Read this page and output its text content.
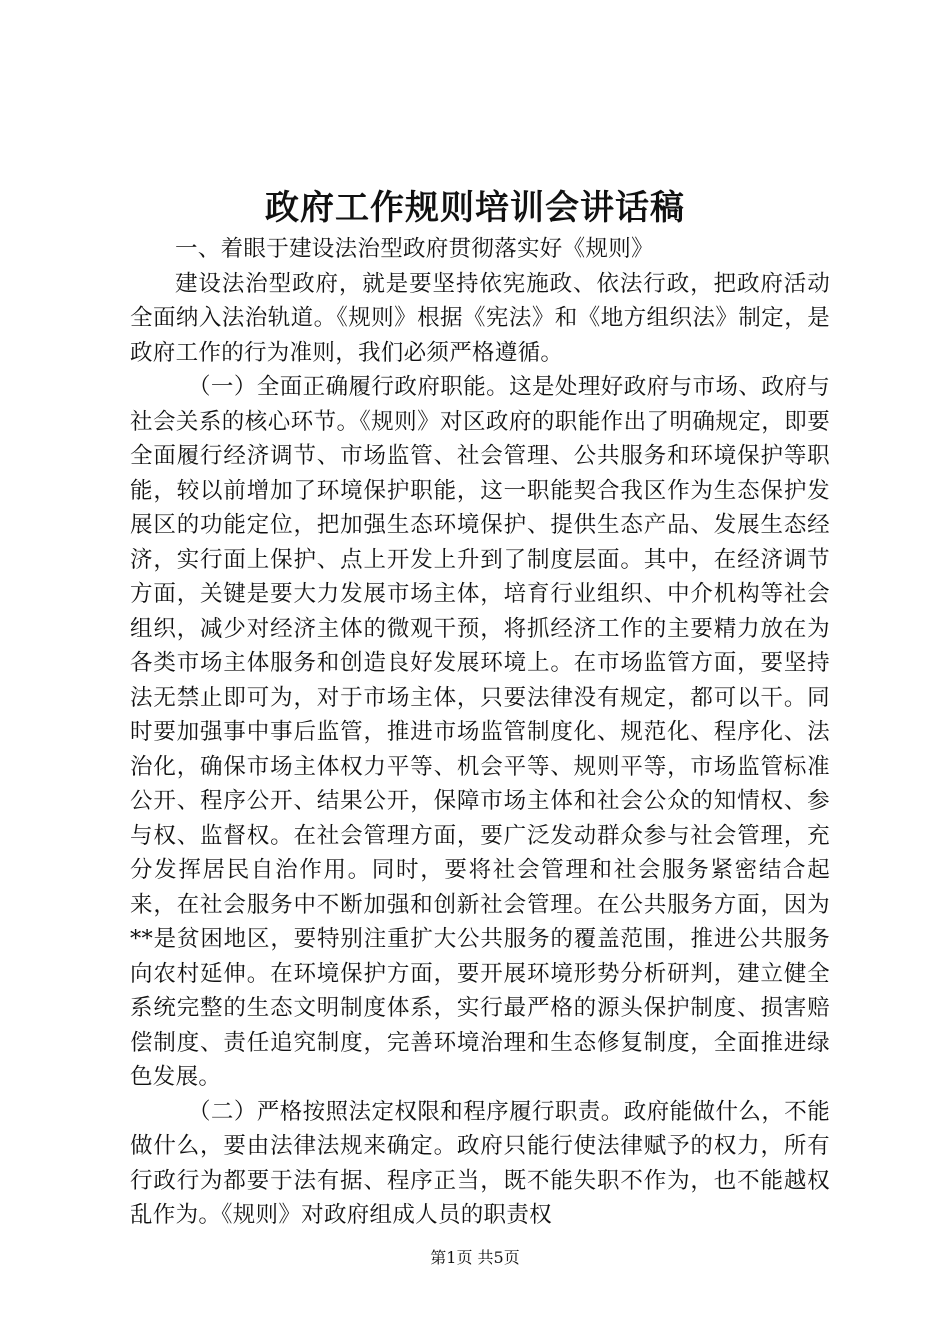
政府工作规则培训会讲话稿

一、着眼于建设法治型政府贯彻落实好《规则》

建设法治型政府，就是要坚持依宪施政、依法行政，把政府活动全面纳入法治轨道。《规则》根据《宪法》和《地方组织法》制定，是政府工作的行为准则，我们必须严格遵循。

（一）全面正确履行政府职能。这是处理好政府与市场、政府与社会关系的核心环节。《规则》对区政府的职能作出了明确规定，即要全面履行经济调节、市场监管、社会管理、公共服务和环境保护等职能，较以前增加了环境保护职能，这一职能契合我区作为生态保护发展区的功能定位，把加强生态环境保护、提供生态产品、发展生态经济，实行面上保护、点上开发上升到了制度层面。其中，在经济调节方面，关键是要大力发展市场主体，培育行业组织、中介机构等社会组织，减少对经济主体的微观干预，将抓经济工作的主要精力放在为各类市场主体服务和创造良好发展环境上。在市场监管方面，要坚持法无禁止即可为，对于市场主体，只要法律没有规定，都可以干。同时要加强事中事后监管，推进市场监管制度化、规范化、程序化、法治化，确保市场主体权力平等、机会平等、规则平等，市场监管标准公开、程序公开、结果公开，保障市场主体和社会公众的知情权、参与权、监督权。在社会管理方面，要广泛发动群众参与社会管理，充分发挥居民自治作用。同时，要将社会管理和社会服务紧密结合起来，在社会服务中不断加强和创新社会管理。在公共服务方面，因为**是贫困地区，要特别注重扩大公共服务的覆盖范围，推进公共服务向农村延伸。在环境保护方面，要开展环境形势分析研判，建立健全系统完整的生态文明制度体系，实行最严格的源头保护制度、损害赔偿制度、责任追究制度，完善环境治理和生态修复制度，全面推进绿色发展。

（二）严格按照法定权限和程序履行职责。政府能做什么，不能做什么，要由法律法规来确定。政府只能行使法律赋予的权力，所有行政行为都要于法有据、程序正当，既不能失职不作为，也不能越权乱作为。《规则》对政府组成人员的职责权

第1页 共5页
